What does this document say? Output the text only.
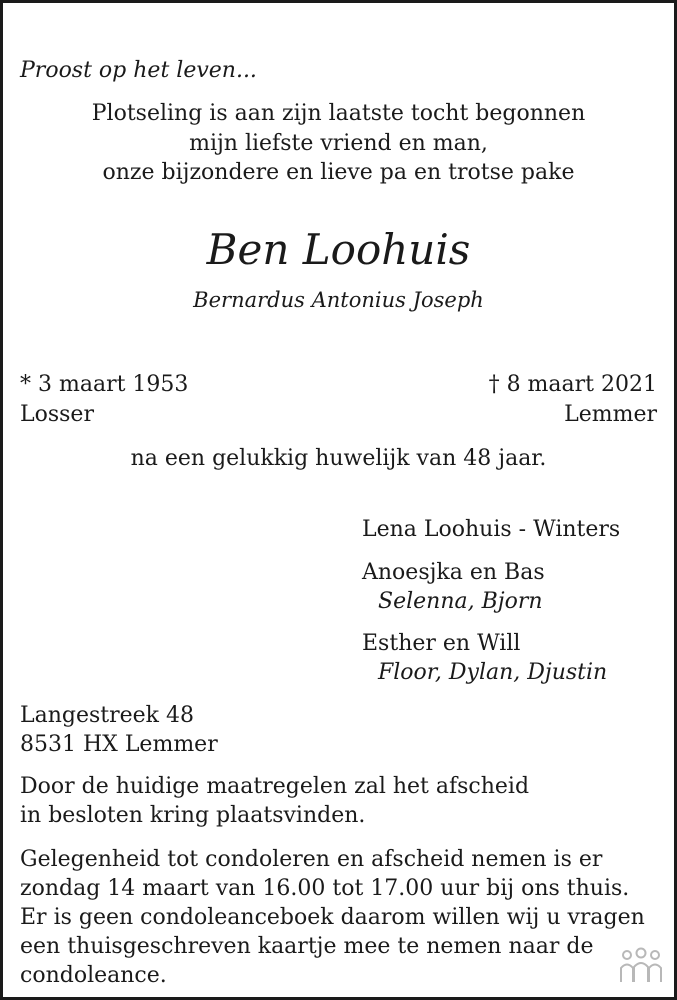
Proost op het leven...
Plotseling is aan zijn laatste tocht begonnen
mijn liefste vriend en man,
onze bijzondere en lieve pa en trotse pake
Ben Loohuis
Bernardus Antonius Joseph
* 3 maart 1953
Losser
† 8 maart 2021
Lemmer
na een gelukkig huwelijk van 48 jaar.
Lena Loohuis - Winters
Anoesjka en Bas
Selenna, Bjorn
Esther en Will
Floor, Dylan, Djustin
Langestreek 48
8531 HX Lemmer
Door de huidige maatregelen zal het afscheid
in besloten kring plaatsvinden.
Gelegenheid tot condoleren en afscheid nemen is er
zondag 14 maart van 16.00 tot 17.00 uur bij ons thuis.
Er is geen condoleanceboek daarom willen wij u vragen
een thuisgeschreven kaartje mee te nemen naar de
condoleance.
